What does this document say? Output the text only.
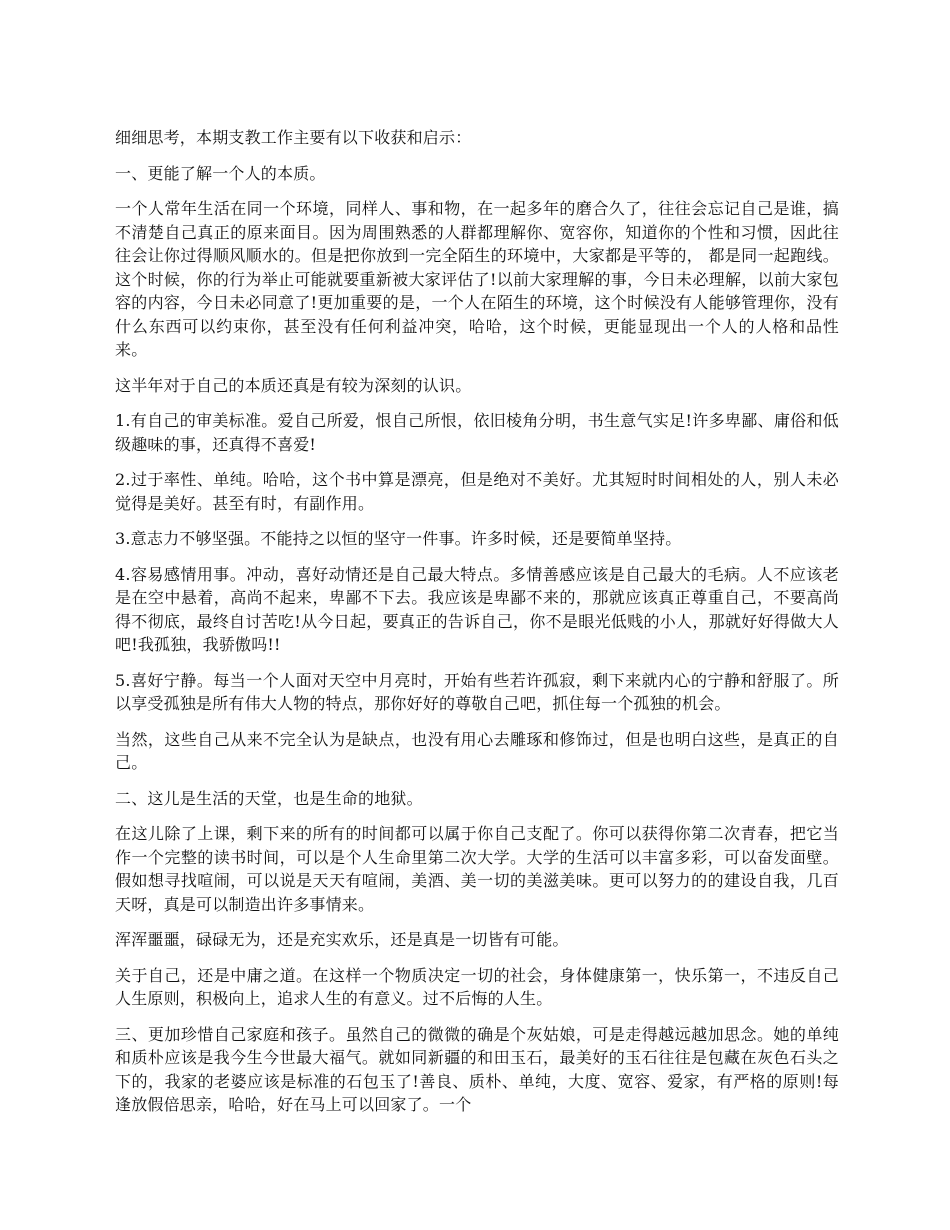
细细思考，本期支教工作主要有以下收获和启示：

一、更能了解一个人的本质。

一个人常年生活在同一个环境，同样人、事和物，在一起多年的磨合久了，往往会忘记自己是谁，搞不清楚自己真正的原来面目。因为周围熟悉的人群都理解你、宽容你，知道你的个性和习惯，因此往往会让你过得顺风顺水的。但是把你放到一完全陌生的环境中，大家都是平等的， 都是同一起跑线。这个时候，你的行为举止可能就要重新被大家评估了!以前大家理解的事，今日未必理解，以前大家包容的内容，今日未必同意了!更加重要的是，一个人在陌生的环境，这个时候没有人能够管理你，没有什么东西可以约束你，甚至没有任何利益冲突，哈哈，这个时候，更能显现出一个人的人格和品性来。

这半年对于自己的本质还真是有较为深刻的认识。

1.有自己的审美标准。爱自己所爱，恨自己所恨，依旧棱角分明，书生意气实足!许多卑鄙、庸俗和低级趣味的事，还真得不喜爱!

2.过于率性、单纯。哈哈，这个书中算是漂亮，但是绝对不美好。尤其短时时间相处的人，别人未必觉得是美好。甚至有时，有副作用。

3.意志力不够坚强。不能持之以恒的坚守一件事。许多时候，还是要简单坚持。

4.容易感情用事。冲动，喜好动情还是自己最大特点。多情善感应该是自己最大的毛病。人不应该老是在空中悬着，高尚不起来，卑鄙不下去。我应该是卑鄙不来的，那就应该真正尊重自己，不要高尚得不彻底，最终自讨苦吃!从今日起，要真正的告诉自己，你不是眼光低贱的小人，那就好好得做大人吧!我孤独，我骄傲吗!!

5.喜好宁静。每当一个人面对天空中月亮时，开始有些若许孤寂，剩下来就内心的宁静和舒服了。所以享受孤独是所有伟大人物的特点，那你好好的尊敬自己吧，抓住每一个孤独的机会。

当然，这些自己从来不完全认为是缺点，也没有用心去雕琢和修饰过，但是也明白这些，是真正的自己。

二、这儿是生活的天堂，也是生命的地狱。

在这儿除了上课，剩下来的所有的时间都可以属于你自己支配了。你可以获得你第二次青春，把它当作一个完整的读书时间，可以是个人生命里第二次大学。大学的生活可以丰富多彩，可以奋发面壁。假如想寻找喧闹，可以说是天天有喧闹，美酒、美一切的美滋美味。更可以努力的的建设自我，几百天呀，真是可以制造出许多事情来。

浑浑噩噩，碌碌无为，还是充实欢乐，还是真是一切皆有可能。

关于自己，还是中庸之道。在这样一个物质决定一切的社会，身体健康第一，快乐第一，不违反自己人生原则，积极向上，追求人生的有意义。过不后悔的人生。

三、更加珍惜自己家庭和孩子。虽然自己的微微的确是个灰姑娘，可是走得越远越加思念。她的单纯和质朴应该是我今生今世最大福气。就如同新疆的和田玉石，最美好的玉石往往是包藏在灰色石头之下的，我家的老婆应该是标准的石包玉了!善良、质朴、单纯，大度、宽容、爱家，有严格的原则!每逢放假倍思亲，哈哈，好在马上可以回家了。一个
